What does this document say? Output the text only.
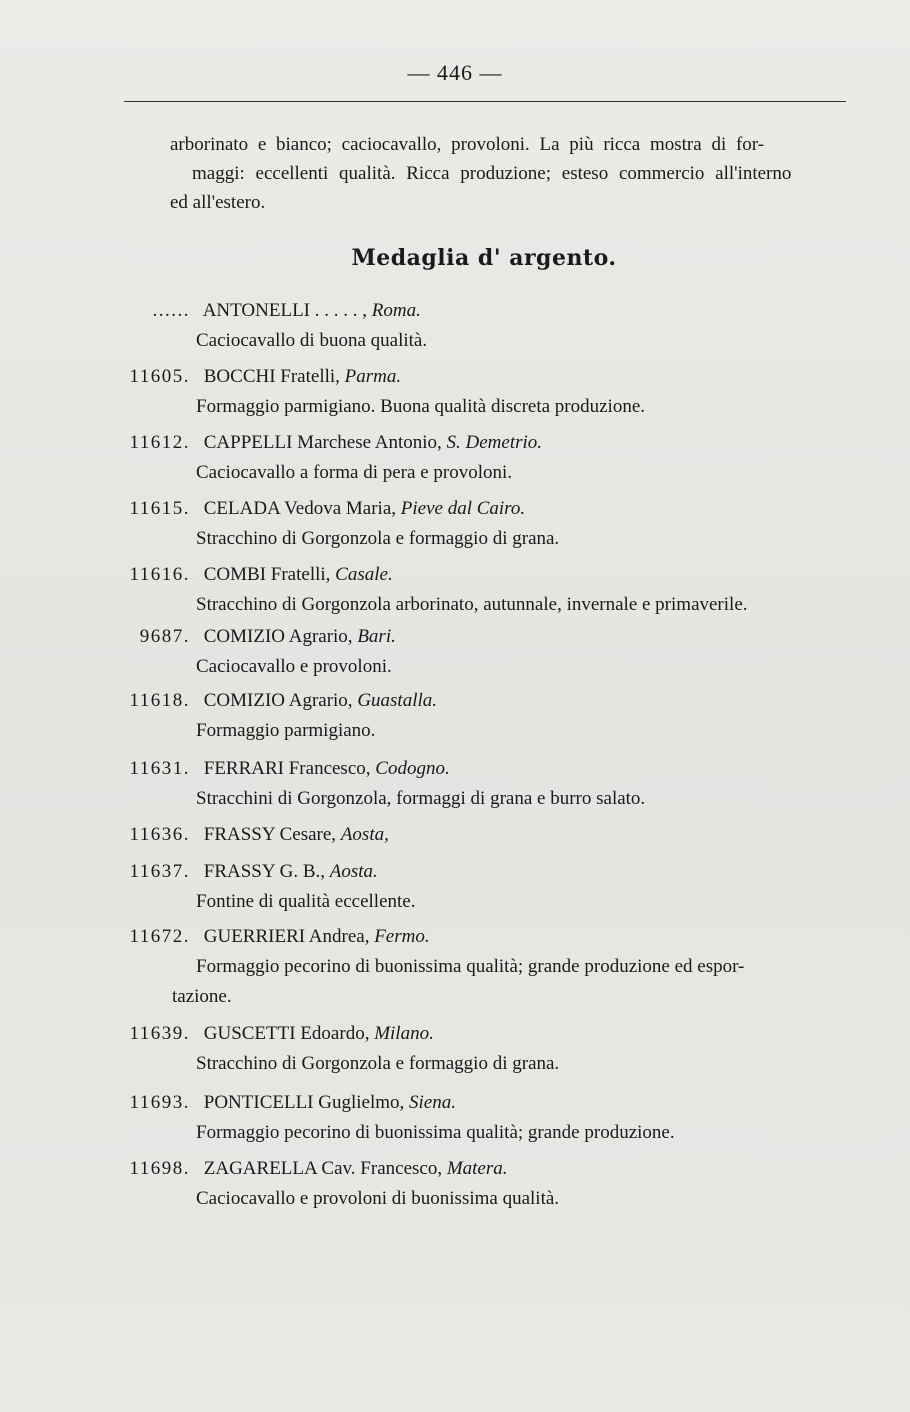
— 446 —
arborinato e bianco; caciocavallo, provoloni. La più ricca mostra di for-
maggi: eccellenti qualità. Ricca produzione; esteso commercio all'interno
ed all'estero.
Medaglia d' argento.
...... ANTONELLI . . . . . , Roma.
Caciocavallo di buona qualità.
11605. BOCCHI Fratelli, Parma.
Formaggio parmigiano. Buona qualità discreta produzione.
11612. CAPPELLI Marchese Antonio, S. Demetrio.
Caciocavallo a forma di pera e provoloni.
11615. CELADA Vedova Maria, Pieve dal Cairo.
Stracchino di Gorgonzola e formaggio di grana.
11616. COMBI Fratelli, Casale.
Stracchino di Gorgonzola arborinato, autunnale, invernale e primaverile.
9687. COMIZIO Agrario, Bari.
Caciocavallo e provoloni.
11618. COMIZIO Agrario, Guastalla.
Formaggio parmigiano.
11631. FERRARI Francesco, Codogno.
Stracchini di Gorgonzola, formaggi di grana e burro salato.
11636. FRASSY Cesare, Aosta,
11637. FRASSY G. B., Aosta.
Fontine di qualità eccellente.
11672. GUERRIERI Andrea, Fermo.
Formaggio pecorino di buonissima qualità; grande produzione ed espor-
tazione.
11639. GUSCETTI Edoardo, Milano.
Stracchino di Gorgonzola e formaggio di grana.
11693. PONTICELLI Guglielmo, Siena.
Formaggio pecorino di buonissima qualità; grande produzione.
11698. ZAGARELLA Cav. Francesco, Matera.
Caciocavallo e provoloni di buonissima qualità.
